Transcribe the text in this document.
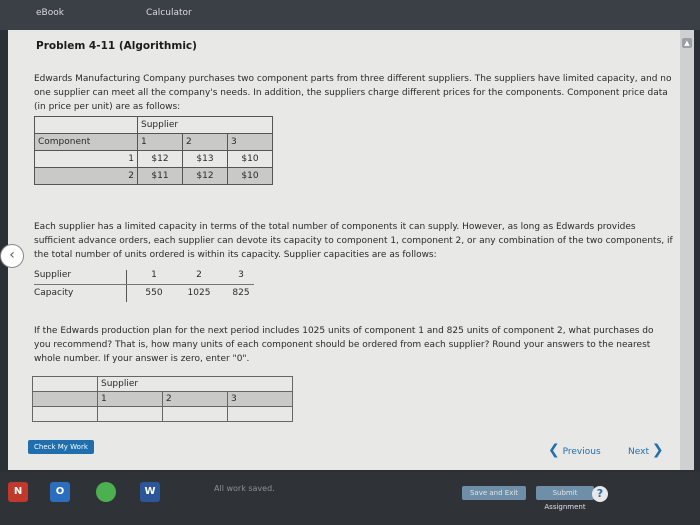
eBook	Calculator
Problem 4-11 (Algorithmic)
Edwards Manufacturing Company purchases two component parts from three different suppliers. The suppliers have limited capacity, and no one supplier can meet all the company's needs. In addition, the suppliers charge different prices for the components. Component price data (in price per unit) are as follows:
	Supplier		
Component	1	2	3
1	$12	$13	$10
2	$11	$12	$10
Each supplier has a limited capacity in terms of the total number of components it can supply. However, as long as Edwards provides sufficient advance orders, each supplier can devote its capacity to component 1, component 2, or any combination of the two components, if the total number of units ordered is within its capacity. Supplier capacities are as follows:
Supplier	1	2	3
Capacity	550	1025	825
If the Edwards production plan for the next period includes 1025 units of component 1 and 825 units of component 2, what purchases do you recommend? That is, how many units of each component should be ordered from each supplier? Round your answers to the nearest whole number. If your answer is zero, enter "0".
	Supplier		
	1	2	3

Check My Work	❮ Previous	Next ❯
‹
▲
N	O	W	All work saved.	Save and Exit	Submit Assignment
?
